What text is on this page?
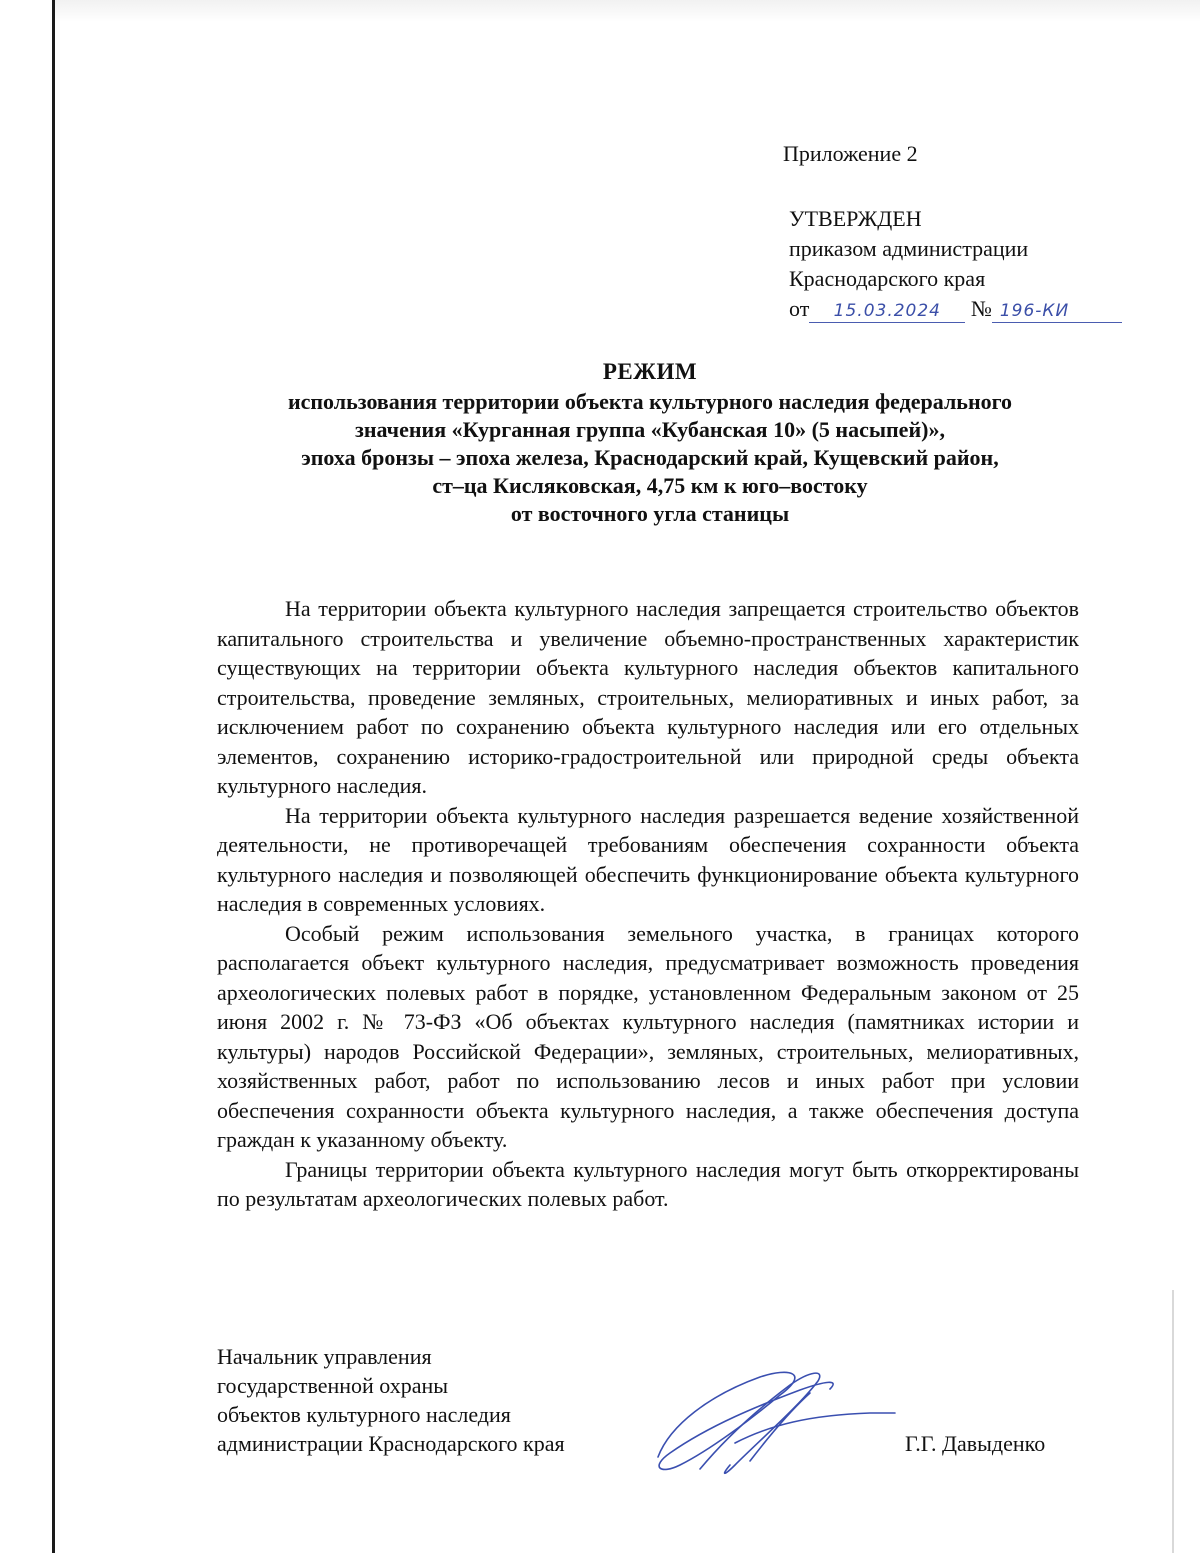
Приложение 2
УТВЕРЖДЕН
приказом администрации
Краснодарского края
от 15.03.2024 № 196-КИ
РЕЖИМ
использования территории объекта культурного наследия федерального
значения «Курганная группа «Кубанская 10» (5 насыпей)»,
эпоха бронзы – эпоха железа, Краснодарский край, Кущевский район,
ст–ца Кисляковская, 4,75 км к юго–востоку
от восточного угла станицы

На территории объекта культурного наследия запрещается строительство объектов капитального строительства и увеличение объемно-пространственных характеристик существующих на территории объекта культурного наследия объектов капитального строительства, проведение земляных, строительных, мелиоративных и иных работ, за исключением работ по сохранению объекта культурного наследия или его отдельных элементов, сохранению историко-градостроительной или природной среды объекта культурного наследия.

На территории объекта культурного наследия разрешается ведение хозяйственной деятельности, не противоречащей требованиям обеспечения сохранности объекта культурного наследия и позволяющей обеспечить функционирование объекта культурного наследия в современных условиях.

Особый режим использования земельного участка, в границах которого располагается объект культурного наследия, предусматривает возможность проведения археологических полевых работ в порядке, установленном Федеральным законом от 25 июня 2002 г. № 73-ФЗ «Об объектах культурного наследия (памятниках истории и культуры) народов Российской Федерации», земляных, строительных, мелиоративных, хозяйственных работ, работ по использованию лесов и иных работ при условии обеспечения сохранности объекта культурного наследия, а также обеспечения доступа граждан к указанному объекту.

Границы территории объекта культурного наследия могут быть откорректированы по результатам археологических полевых работ.

Начальник управления
государственной охраны
объектов культурного наследия
администрации Краснодарского края	Г.Г. Давыденко
